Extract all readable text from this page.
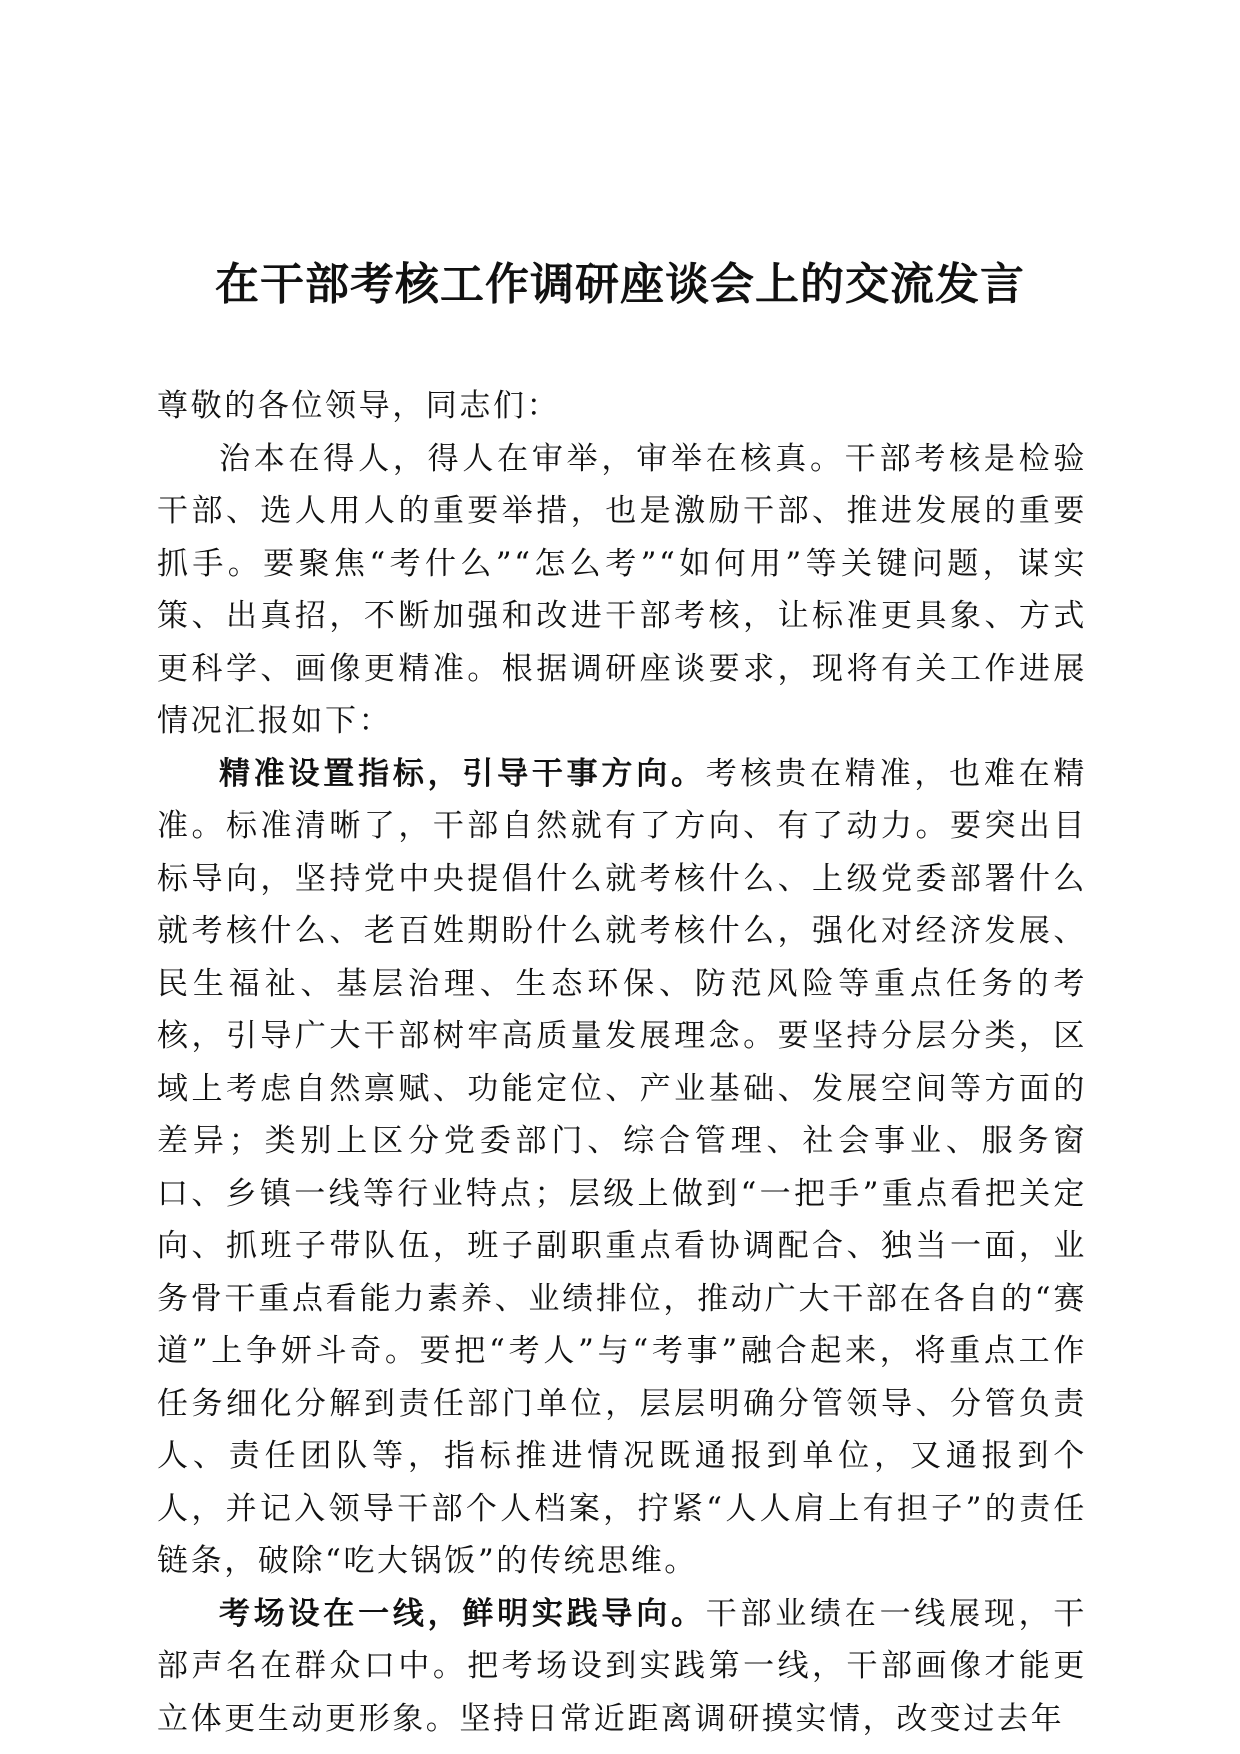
在干部考核工作调研座谈会上的交流发言

尊敬的各位领导，同志们：

治本在得人，得人在审举，审举在核真。干部考核是检验干部、选人用人的重要举措，也是激励干部、推进发展的重要抓手。要聚焦“考什么”“怎么考”“如何用”等关键问题，谋实策、出真招，不断加强和改进干部考核，让标准更具象、方式更科学、画像更精准。根据调研座谈要求，现将有关工作进展情况汇报如下：

精准设置指标，引导干事方向。考核贵在精准，也难在精准。标准清晰了，干部自然就有了方向、有了动力。要突出目标导向，坚持党中央提倡什么就考核什么、上级党委部署什么就考核什么、老百姓期盼什么就考核什么，强化对经济发展、民生福祉、基层治理、生态环保、防范风险等重点任务的考核，引导广大干部树牢高质量发展理念。要坚持分层分类，区域上考虑自然禀赋、功能定位、产业基础、发展空间等方面的差异；类别上区分党委部门、综合管理、社会事业、服务窗口、乡镇一线等行业特点；层级上做到“一把手”重点看把关定向、抓班子带队伍，班子副职重点看协调配合、独当一面，业务骨干重点看能力素养、业绩排位，推动广大干部在各自的“赛道”上争妍斗奇。要把“考人”与“考事”融合起来，将重点工作任务细化分解到责任部门单位，层层明确分管领导、分管负责人、责任团队等，指标推进情况既通报到单位，又通报到个人，并记入领导干部个人档案，拧紧“人人肩上有担子”的责任链条，破除“吃大锅饭”的传统思维。

考场设在一线，鲜明实践导向。干部业绩在一线展现，干部声名在群众口中。把考场设到实践第一线，干部画像才能更立体更生动更形象。坚持日常近距离调研摸实情，改变过去年
